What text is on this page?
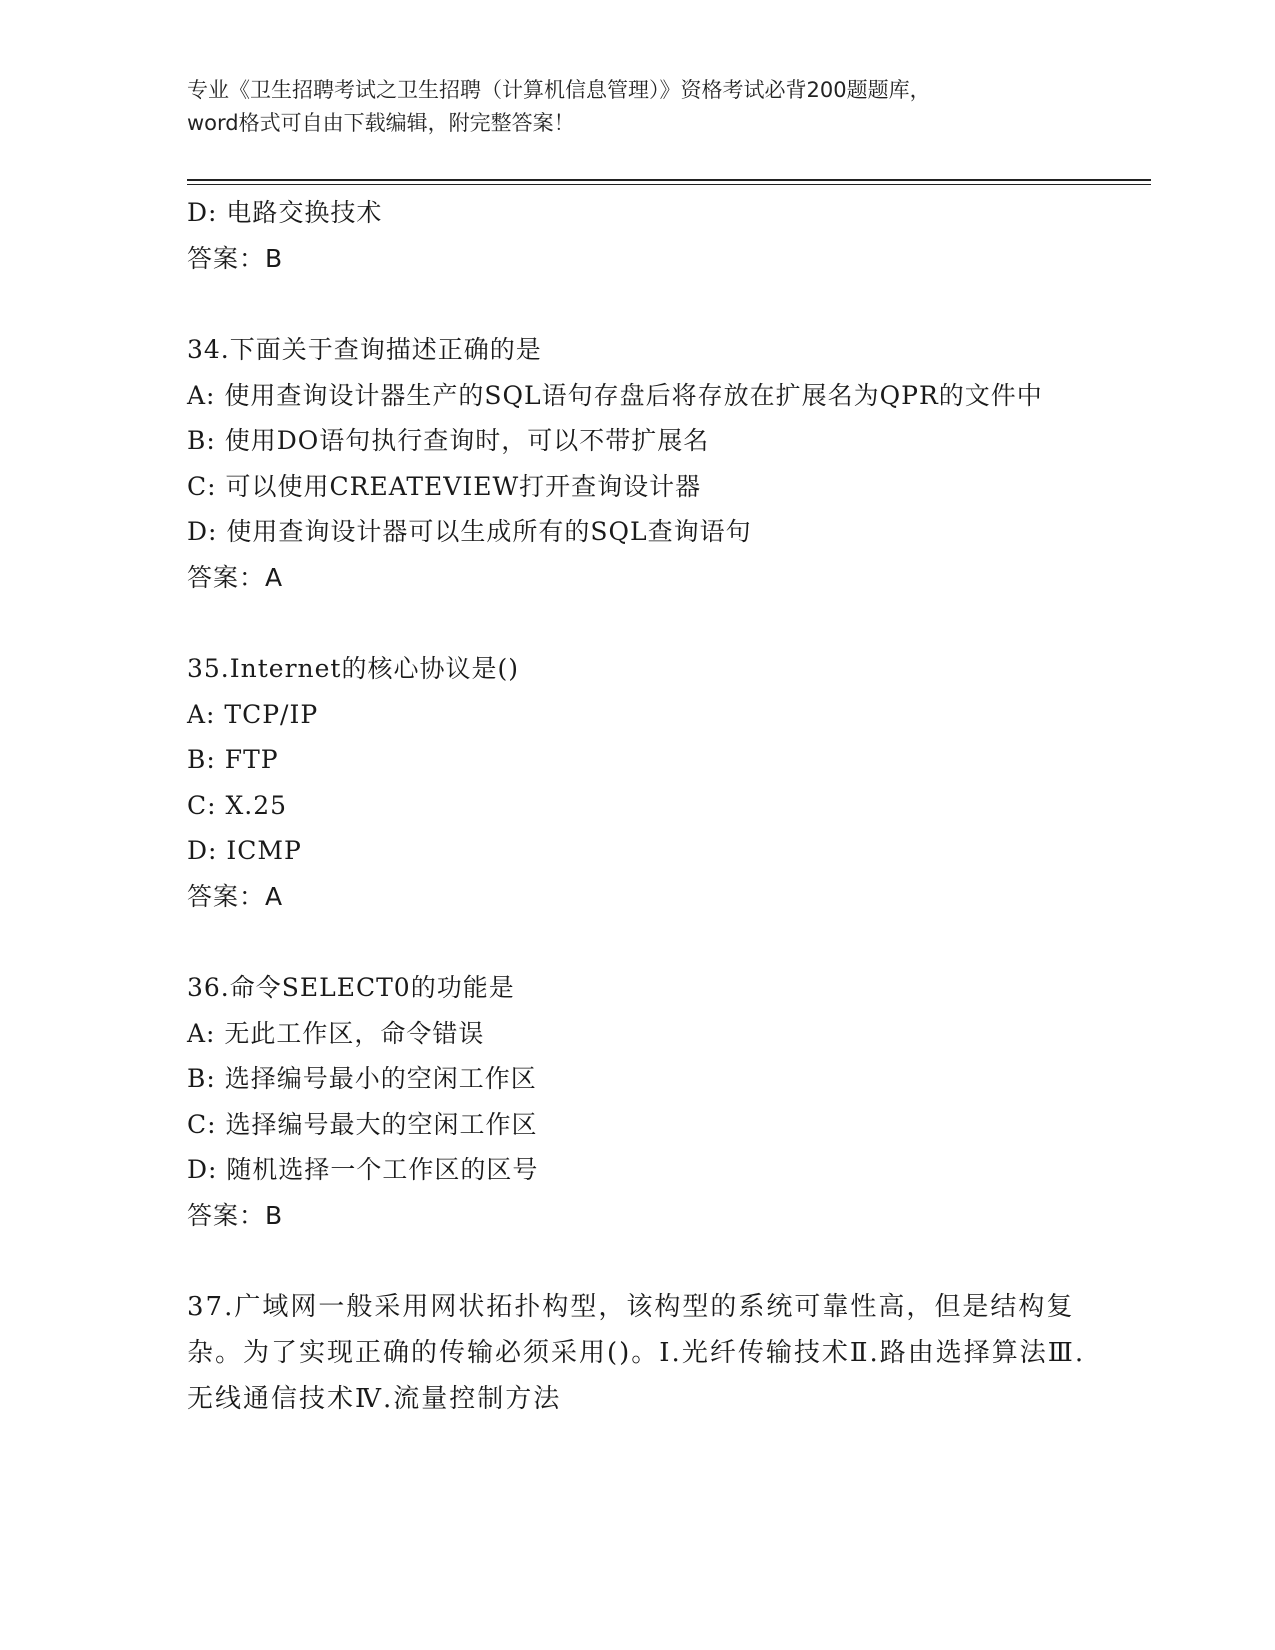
专业《卫生招聘考试之卫生招聘（计算机信息管理）》资格考试必背200题题库，
word格式可自由下载编辑，附完整答案！
D: 电路交换技术
答案：B
34.下面关于查询描述正确的是
A: 使用查询设计器生产的SQL语句存盘后将存放在扩展名为QPR的文件中
B: 使用DO语句执行查询时，可以不带扩展名
C: 可以使用CREATEVIEW打开查询设计器
D: 使用查询设计器可以生成所有的SQL查询语句
答案：A
35.Internet的核心协议是()
A: TCP/IP
B: FTP
C: X.25
D: ICMP
答案：A
36.命令SELECT0的功能是
A: 无此工作区，命令错误
B: 选择编号最小的空闲工作区
C: 选择编号最大的空闲工作区
D: 随机选择一个工作区的区号
答案：B
37.广域网一般采用网状拓扑构型，该构型的系统可靠性高，但是结构复杂。为了实现正确的传输必须采用()。Ⅰ.光纤传输技术Ⅱ.路由选择算法Ⅲ.无线通信技术Ⅳ.流量控制方法
